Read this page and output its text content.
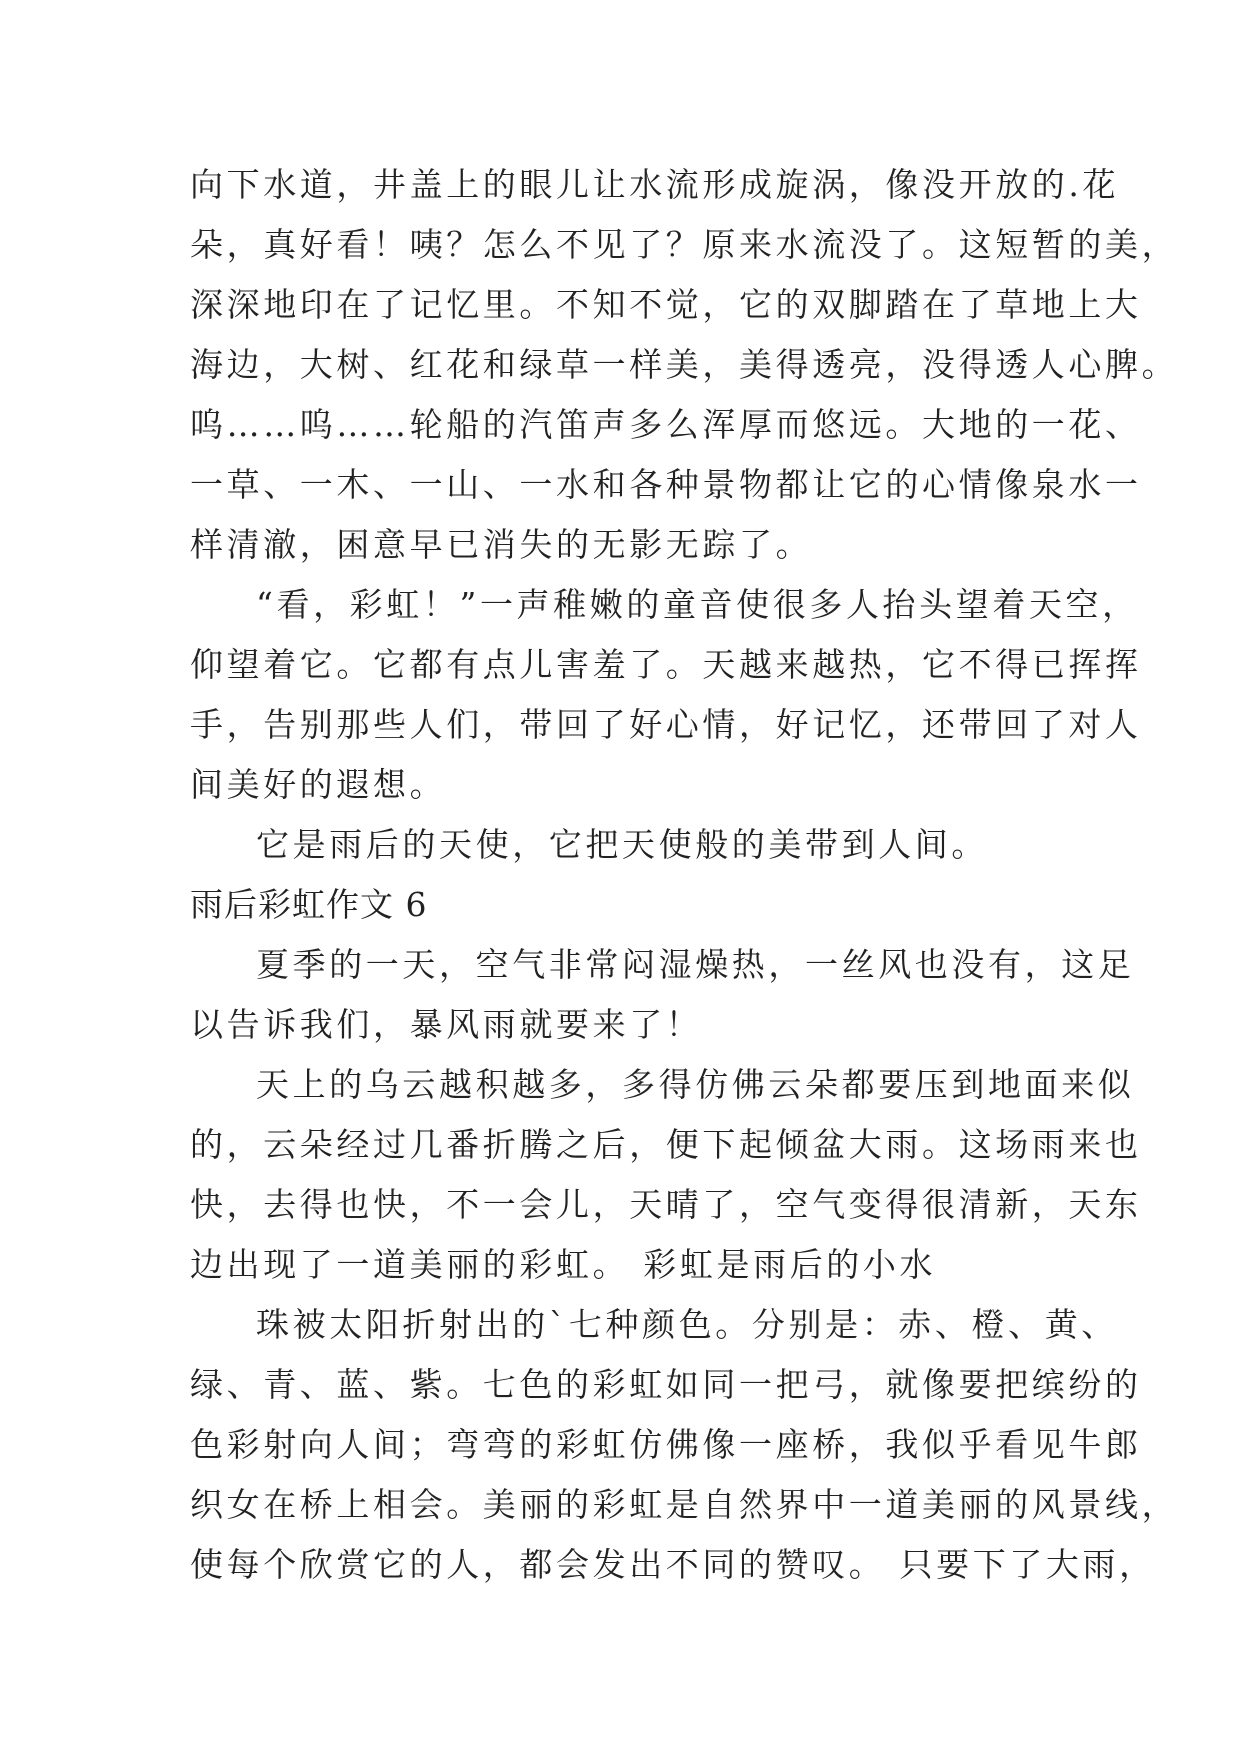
向下水道，井盖上的眼儿让水流形成旋涡，像没开放的.花
朵，真好看！咦？怎么不见了？原来水流没了。这短暂的美，
深深地印在了记忆里。不知不觉，它的双脚踏在了草地上大
海边，大树、红花和绿草一样美，美得透亮，没得透人心脾。
呜……呜……轮船的汽笛声多么浑厚而悠远。大地的一花、
一草、一木、一山、一水和各种景物都让它的心情像泉水一
样清澈，困意早已消失的无影无踪了。
“看，彩虹！”一声稚嫩的童音使很多人抬头望着天空，
仰望着它。它都有点儿害羞了。天越来越热，它不得已挥挥
手，告别那些人们，带回了好心情，好记忆，还带回了对人
间美好的遐想。
它是雨后的天使，它把天使般的美带到人间。
雨后彩虹作文 6
夏季的一天，空气非常闷湿燥热，一丝风也没有，这足
以告诉我们，暴风雨就要来了！
天上的乌云越积越多，多得仿佛云朵都要压到地面来似
的，云朵经过几番折腾之后，便下起倾盆大雨。这场雨来也
快，去得也快，不一会儿，天晴了，空气变得很清新，天东
边出现了一道美丽的彩虹。 彩虹是雨后的小水
珠被太阳折射出的`七种颜色。分别是：赤、橙、黄、
绿、青、蓝、紫。七色的彩虹如同一把弓，就像要把缤纷的
色彩射向人间；弯弯的彩虹仿佛像一座桥，我似乎看见牛郎
织女在桥上相会。美丽的彩虹是自然界中一道美丽的风景线，
使每个欣赏它的人，都会发出不同的赞叹。 只要下了大雨，
